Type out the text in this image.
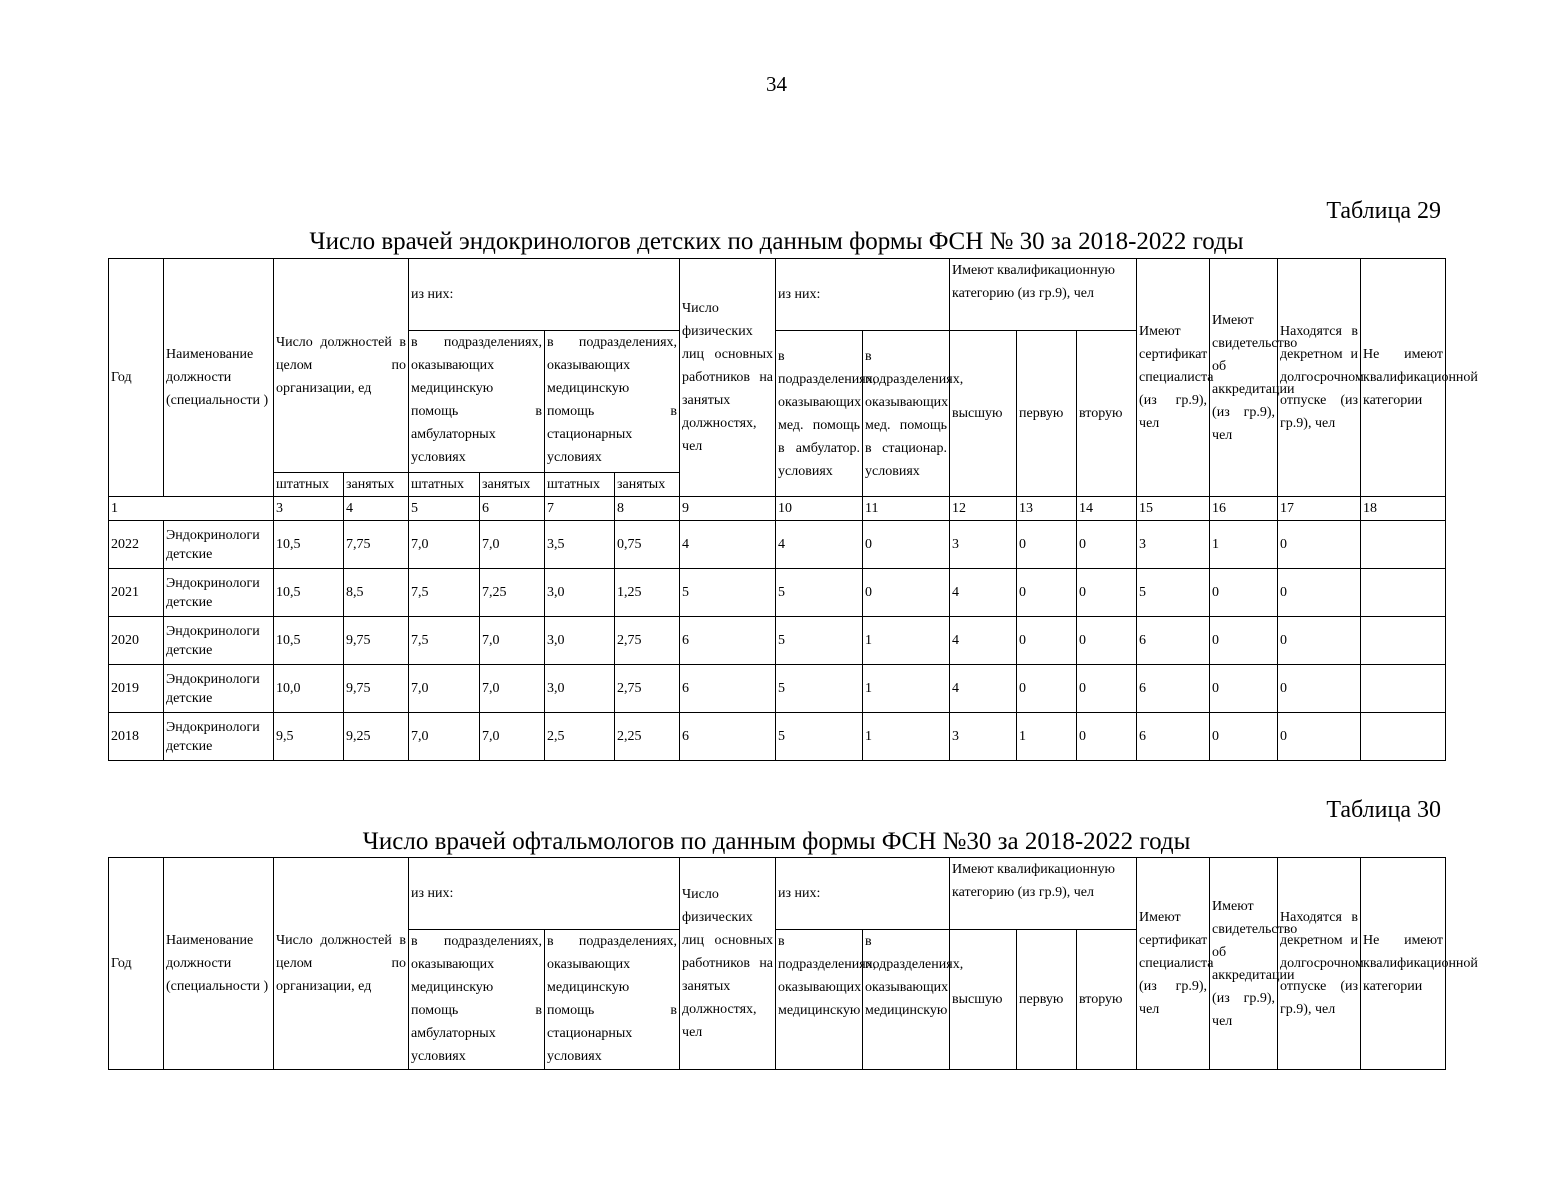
34
Таблица 29
Число врачей эндокринологов детских по данным формы ФСН № 30 за 2018-2022 годы
Год	Наименование должности (специальности )	Число должностей в целом по организации, ед		из них:				Число физических лиц основных работников на занятых должностях, чел	из них:		Имеют квалификационную категорию (из гр.9), чел			Имеют сертификат специалиста (из гр.9), чел	Имеют свидетельство об аккредитации (из гр.9), чел	Находятся в декретном и долгосрочном отпуске (из гр.9), чел	Не имеют квалификационной категории
				в подразделениях, оказывающих медицинскую помощь в амбулаторных условиях		в подразделениях, оказывающих медицинскую помощь в стационарных условиях			в подразделениях, оказывающих мед. помощь в амбулатор. условиях	в подразделениях, оказывающих мед. помощь в стационар. условиях	высшую	первую	вторую				
		штатных	занятых	штатных	занятых	штатных	занятых										
1		3	4	5	6	7	8	9	10	11	12	13	14	15	16	17	18
2022	Эндокринологи детские	10,5	7,75	7,0	7,0	3,5	0,75	4	4	0	3	0	0	3	1	0	
2021	Эндокринологи детские	10,5	8,5	7,5	7,25	3,0	1,25	5	5	0	4	0	0	5	0	0	
2020	Эндокринологи детские	10,5	9,75	7,5	7,0	3,0	2,75	6	5	1	4	0	0	6	0	0	
2019	Эндокринологи детские	10,0	9,75	7,0	7,0	3,0	2,75	6	5	1	4	0	0	6	0	0	
2018	Эндокринологи детские	9,5	9,25	7,0	7,0	2,5	2,25	6	5	1	3	1	0	6	0	0	
Таблица 30
Число врачей офтальмологов по данным формы ФСН №30 за 2018-2022 годы
Год	Наименование должности (специальности )	Число должностей в целом по организации, ед	из них:		Число физических лиц основных работников на занятых должностях, чел	из них:		Имеют квалификационную категорию (из гр.9), чел			Имеют сертификат специалиста (из гр.9), чел	Имеют свидетельство об аккредитации (из гр.9), чел	Находятся в декретном и долгосрочном отпуске (из гр.9), чел	Не имеют квалификационной категории
			в подразделениях, оказывающих медицинскую помощь в амбулаторных условиях	в подразделениях, оказывающих медицинскую помощь в стационарных условиях		в подразделениях, оказывающих медицинскую	в подразделениях, оказывающих медицинскую	высшую	первую	вторую				
